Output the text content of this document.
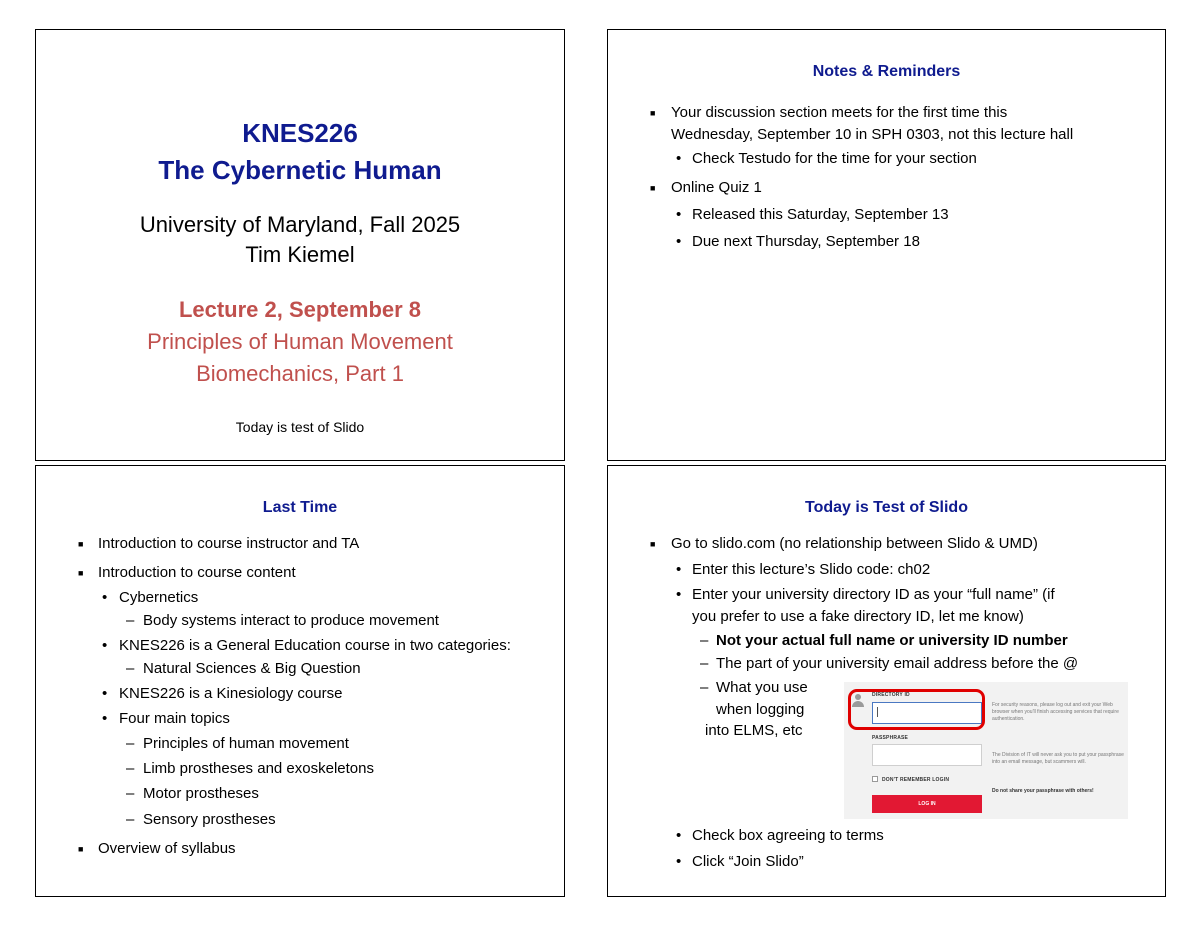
KNES226
The Cybernetic Human
University of Maryland, Fall 2025
Tim Kiemel
Lecture 2, September 8
Principles of Human Movement
Biomechanics, Part 1
Today is test of Slido
Notes & Reminders
■ Your discussion section meets for the first time this
Wednesday, September 10 in SPH 0303, not this lecture hall
• Check Testudo for the time for your section
■ Online Quiz 1
• Released this Saturday, September 13
• Due next Thursday, September 18
Last Time
■ Introduction to course instructor and TA
■ Introduction to course content
• Cybernetics
– Body systems interact to produce movement
• KNES226 is a General Education course in two categories:
– Natural Sciences & Big Question
• KNES226 is a Kinesiology course
• Four main topics
– Principles of human movement
– Limb prostheses and exoskeletons
– Motor prostheses
– Sensory prostheses
■ Overview of syllabus
Today is Test of Slido
■ Go to slido.com (no relationship between Slido & UMD)
• Enter this lecture’s Slido code: ch02
• Enter your university directory ID as your “full name” (if
you prefer to use a fake directory ID, let me know)
– Not your actual full name or university ID number
– The part of your university email address before the @
– What you use
when logging
into ELMS, etc
• Check box agreeing to terms
• Click “Join Slido”
DIRECTORY ID
PASSPHRASE
DON'T REMEMBER LOGIN
LOG IN
For security reasons, please log out and exit your Web browser when you'll finish accessing services that require authentication.
The Division of IT will never ask you to put your passphrase into an email message, but scammers will.
Do not share your passphrase with others!
